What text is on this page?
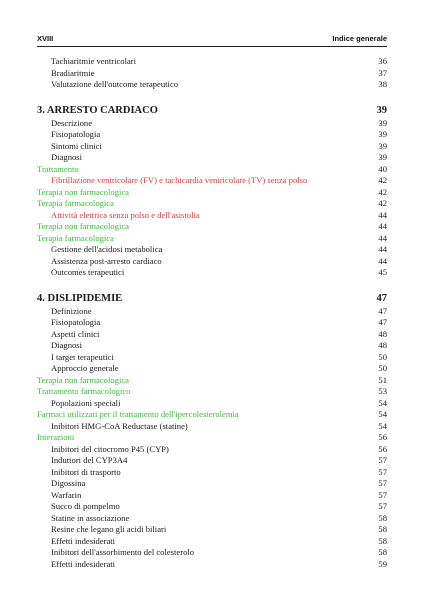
XVIII	Indice generale
Tachiaritmie ventricolari	36
Bradiaritmie	37
Valutazione dell'outcome terapeutico	38
3. ARRESTO CARDIACO	39
Descrizione	39
Fisiopatologia	39
Sintomi clinici	39
Diagnosi	39
Trattamento	40
Fibrillazione ventricolare (FV) e tachicardia ventricolare (TV) senza polso	42
Terapia non farmacologica	42
Terapia farmacologica	42
Attività elettrica senza polso e dell'asistolia	44
Terapia non farmacologica	44
Terapia farmacologica	44
Gestione dell'acidosi metabolica	44
Assistenza post-arresto cardiaco	44
Outcomes terapeutici	45
4. DISLIPIDEMIE	47
Definizione	47
Fisiopatologia	47
Aspetti clinici	48
Diagnosi	48
I target terapeutici	50
Approccio generale	50
Terapia non farmacologica	51
Trattamento farmacologico	53
Popolazioni speciali	54
Farmaci utilizzati per il trattamento dell'ipercolesterolemia	54
Inibitori HMG-CoA Reductase (statine)	54
Interazioni	56
Inibitori del citocromo P45 (CYP)	56
Induttori del CYP3A4	57
Inibitori di trasporto	57
Digossina	57
Warfarin	57
Succo di pompelmo	57
Statine in associazione	58
Resine che legano gli acidi biliari	58
Effetti indesiderati	58
Inibitori dell'assorbimento del colesterolo	58
Effetti indesiderati	59
